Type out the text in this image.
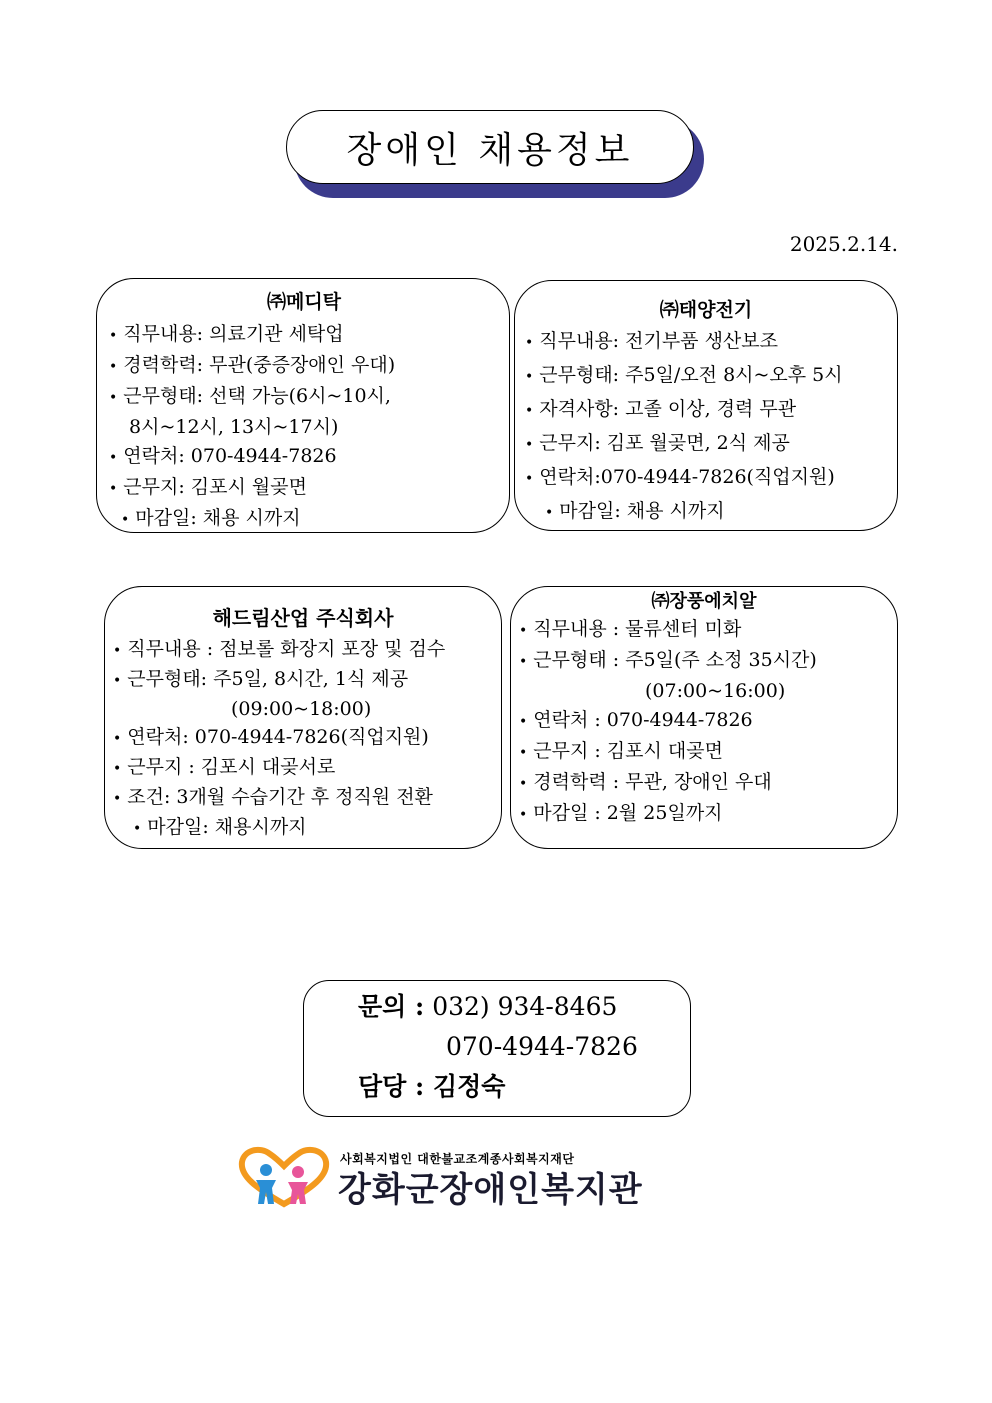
장애인 채용정보
2025.2.14.
㈜메디탁
• 직무내용: 의료기관 세탁업
• 경력학력: 무관(중증장애인 우대)
• 근무형태: 선택 가능(6시~10시,
8시~12시, 13시~17시)
• 연락처: 070-4944-7826
• 근무지: 김포시 월곶면
• 마감일: 채용 시까지
㈜태양전기
• 직무내용: 전기부품 생산보조
• 근무형태: 주5일/오전 8시~오후 5시
• 자격사항: 고졸 이상, 경력 무관
• 근무지: 김포 월곶면, 2식 제공
• 연락처:070-4944-7826(직업지원)
• 마감일: 채용 시까지
해드림산업 주식회사
• 직무내용 : 점보롤 화장지 포장 및 검수
• 근무형태: 주5일, 8시간, 1식 제공
(09:00~18:00)
• 연락처: 070-4944-7826(직업지원)
• 근무지 : 김포시 대곶서로
• 조건: 3개월 수습기간 후 정직원 전환
• 마감일: 채용시까지
㈜장풍에치알
• 직무내용 : 물류센터 미화
• 근무형태 : 주5일(주 소정 35시간)
(07:00~16:00)
• 연락처 : 070-4944-7826
• 근무지 : 김포시 대곶면
• 경력학력 : 무관, 장애인 우대
• 마감일 : 2월 25일까지
문의 : 032) 934-8465
070-4944-7826
담당 : 김정숙
사회복지법인 대한불교조계종사회복지재단
강화군장애인복지관
